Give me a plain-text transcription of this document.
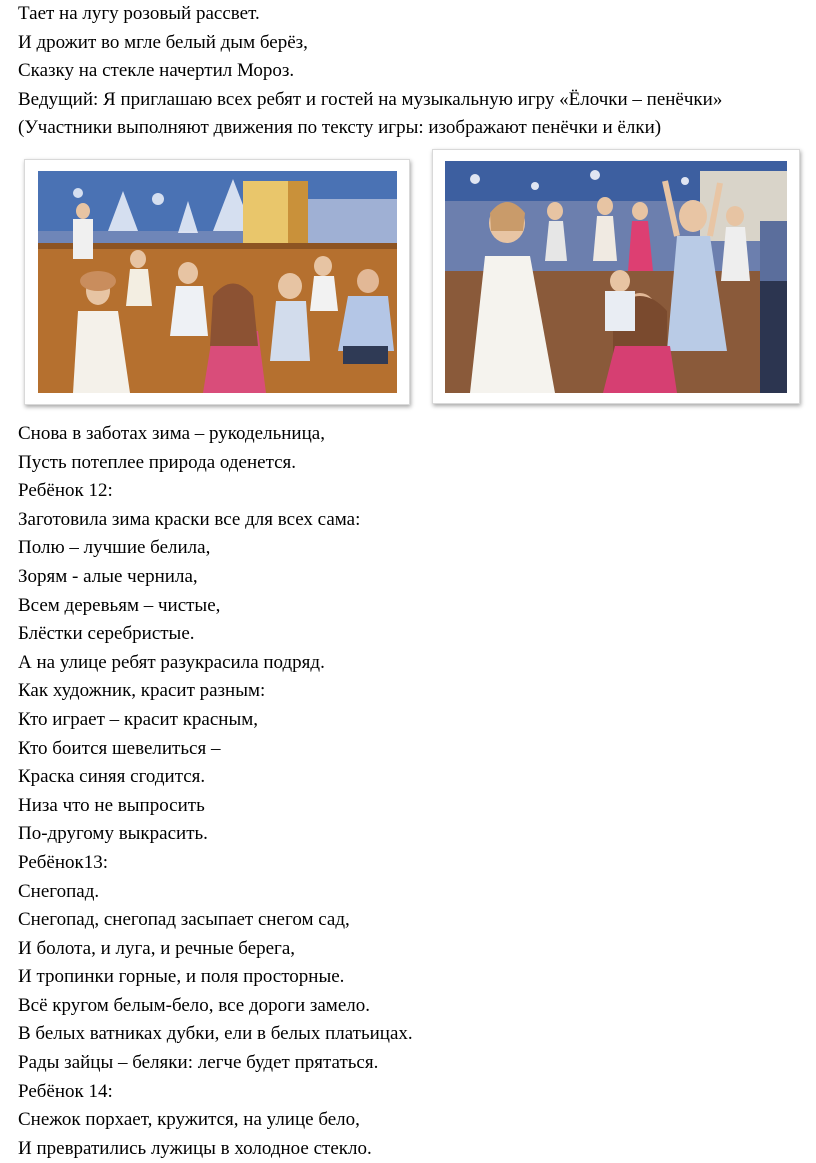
Тает на лугу розовый рассвет.
И дрожит во мгле белый дым берёз,
Сказку на стекле начертил Мороз.
Ведущий: Я приглашаю всех ребят и гостей на музыкальную игру «Ёлочки – пенёчки»
(Участники выполняют движения по тексту игры: изображают пенёчки и ёлки)
Снова в заботах зима – рукодельница,
Пусть потеплее природа оденется.
Ребёнок 12:
Заготовила зима краски все для всех сама:
Полю – лучшие белила,
Зорям - алые чернила,
Всем деревьям – чистые,
Блёстки серебристые.
А на улице ребят разукрасила подряд.
Как художник, красит разным:
Кто играет – красит красным,
Кто боится шевелиться –
Краска синяя сгодится.
Низа что не выпросить
По-другому выкрасить.
Ребёнок13:
Снегопад.
Снегопад, снегопад засыпает снегом сад,
И болота, и луга, и речные берега,
И тропинки горные, и поля просторные.
Всё кругом белым-бело, все дороги замело.
В белых ватниках дубки, ели в белых платьицах.
Рады зайцы – беляки: легче будет прятаться.
Ребёнок 14:
Снежок порхает, кружится, на улице бело,
И превратились лужицы в холодное стекло.
